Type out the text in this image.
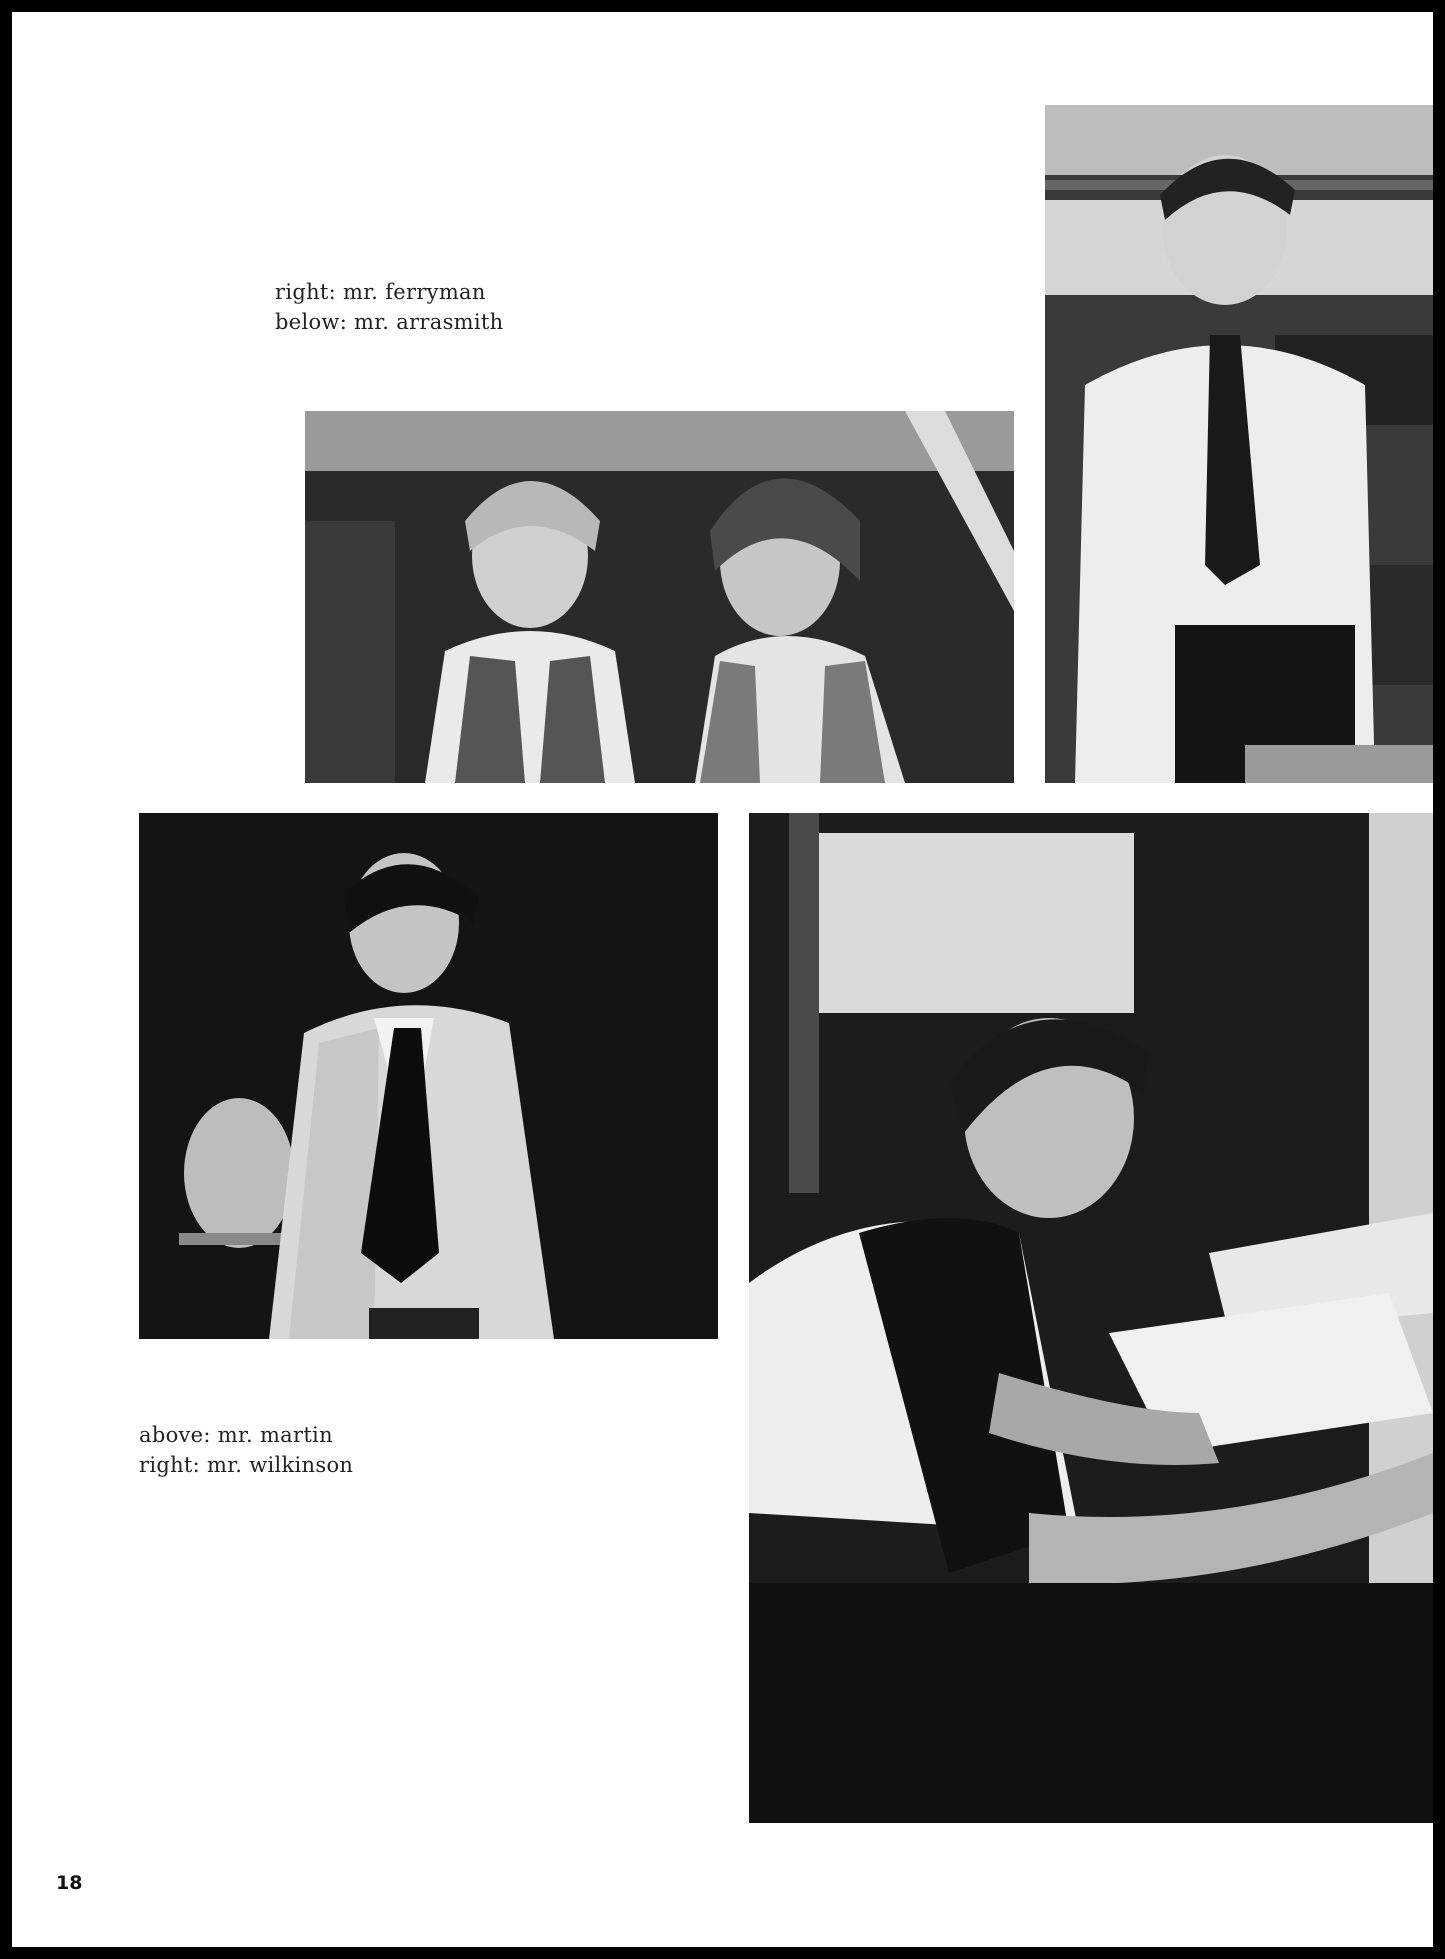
right: mr. ferryman
below: mr. arrasmith
above: mr. martin
right: mr. wilkinson
18
